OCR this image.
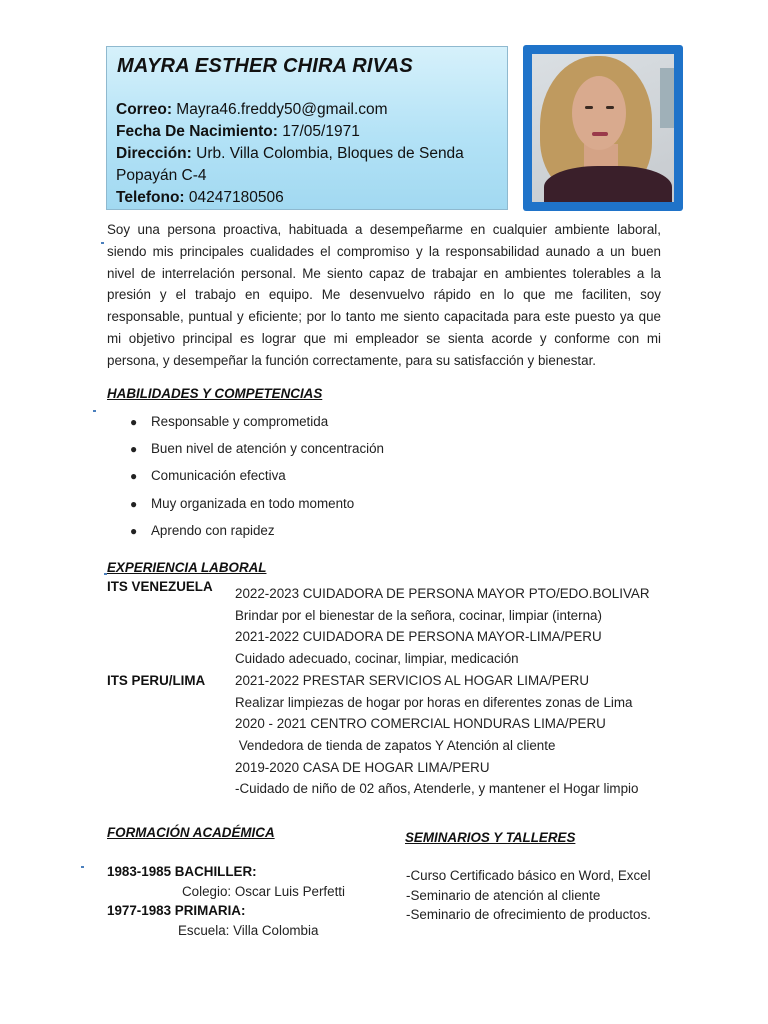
MAYRA ESTHER CHIRA RIVAS
Correo: Mayra46.freddy50@gmail.com
Fecha De Nacimiento: 17/05/1971
Dirección: Urb. Villa Colombia, Bloques de Senda
Popayán C-4
Telefono: 04247180506

Soy una persona proactiva, habituada a desempeñarme en cualquier ambiente laboral, siendo mis principales cualidades el compromiso y la responsabilidad aunado a un buen nivel de interrelación personal. Me siento capaz de trabajar en ambientes tolerables a la presión y el trabajo en equipo. Me desenvuelvo rápido en lo que me faciliten, soy responsable, puntual y eficiente; por lo tanto me siento capacitada para este puesto ya que mi objetivo principal es lograr que mi empleador se sienta acorde y conforme con mi persona, y desempeñar la función correctamente, para su satisfacción y bienestar.

HABILIDADES Y COMPETENCIAS
● Responsable y comprometida
● Buen nivel de atención y concentración
● Comunicación efectiva
● Muy organizada en todo momento
● Aprendo con rapidez
EXPERIENCIA LABORAL
ITS VENEZUELA
ITS PERU/LIMA
2022-2023 CUIDADORA DE PERSONA MAYOR PTO/EDO.BOLIVAR
Brindar por el bienestar de la señora, cocinar, limpiar (interna)
2021-2022 CUIDADORA DE PERSONA MAYOR-LIMA/PERU
Cuidado adecuado, cocinar, limpiar, medicación
2021-2022 PRESTAR SERVICIOS AL HOGAR LIMA/PERU
Realizar limpiezas de hogar por horas en diferentes zonas de Lima
2020 - 2021 CENTRO COMERCIAL HONDURAS LIMA/PERU
Vendedora de tienda de zapatos Y Atención al cliente
2019-2020 CASA DE HOGAR LIMA/PERU
-Cuidado de niño de 02 años, Atenderle, y mantener el Hogar limpio
FORMACIÓN ACADÉMICA
1983-1985 BACHILLER:
Colegio: Oscar Luis Perfetti
1977-1983 PRIMARIA:
Escuela: Villa Colombia
SEMINARIOS Y TALLERES
-Curso Certificado básico en Word, Excel
-Seminario de atención al cliente
-Seminario de ofrecimiento de productos.
